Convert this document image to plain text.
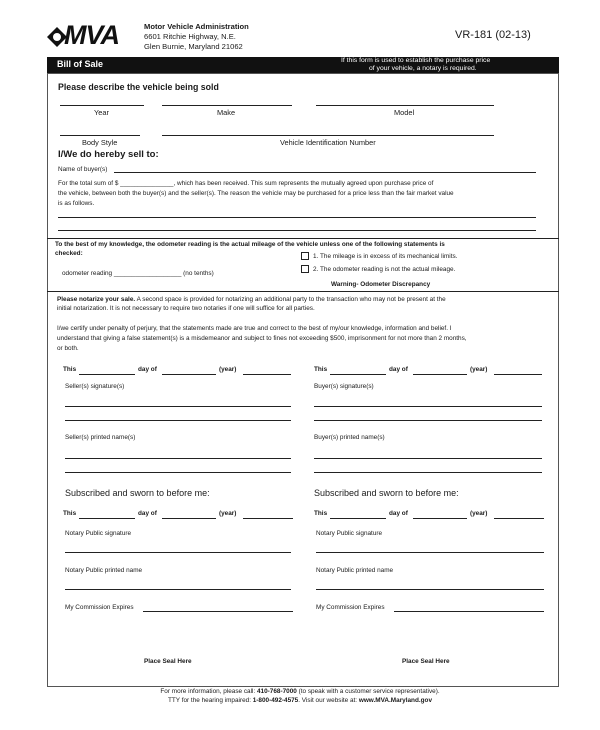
MVA	Motor Vehicle Administration
6601 Ritchie Highway, N.E.
Glen Burnie, Maryland 21062
VR-181 (02-13)
Bill of Sale	If this form is used to establish the purchase price
of your vehicle, a notary is required.
Please describe the vehicle being sold
Year	Make	Model
Body Style	Vehicle Identification Number
I/We do hereby sell to:
Name of buyer(s)
For the total sum of $ _______________, which has been received. This sum represents the mutually agreed upon purchase price of
the vehicle, between both the buyer(s) and the seller(s). The reason the vehicle may be purchased for a price less than the fair market value
is as follows.
To the best of my knowledge, the odometer reading is the actual mileage of the vehicle unless one of the following statements is
checked:
odometer reading ___________________ (no tenths)
1. The mileage is in excess of its mechanical limits.
2. The odometer reading is not the actual mileage.
Warning- Odometer Discrepancy
Please notarize your sale. A second space is provided for notarizing an additional party to the transaction who may not be present at the
initial notarization. It is not necessary to require two notaries if one will suffice for all parties.
I/we certify under penalty of perjury, that the statements made are true and correct to the best of my/our knowledge, information and belief. I
understand that giving a false statement(s) is a misdemeanor and subject to fines not exceeding $500, imprisonment for not more than 2 months,
or both.
This	day of	(year)
Seller(s) signature(s)
Seller(s) printed name(s)
This	day of	(year)
Buyer(s) signature(s)
Buyer(s) printed name(s)
Subscribed and sworn to before me:	Subscribed and sworn to before me:
This	day of	(year)	This	day of	(year)
Notary Public signature
Notary Public printed name
My Commission Expires
Notary Public signature
Notary Public printed name
My Commission Expires
Place Seal Here	Place Seal Here
For more information, please call: 410-768-7000 (to speak with a customer service representative).
TTY for the hearing impaired: 1-800-492-4575. Visit our website at: www.MVA.Maryland.gov
